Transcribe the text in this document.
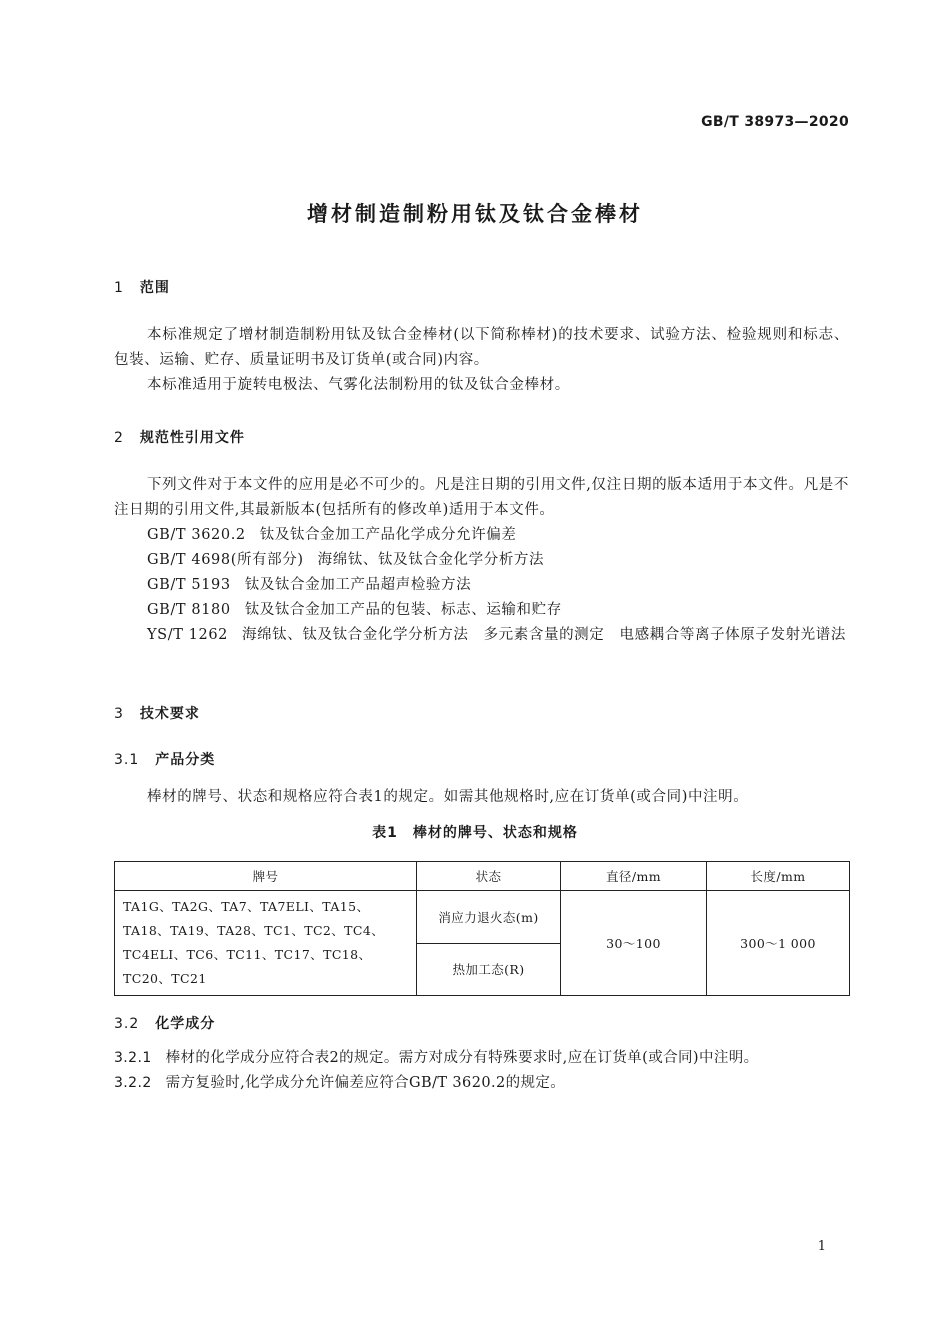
GB/T 38973—2020
增材制造制粉用钛及钛合金棒材
1 范围
本标准规定了增材制造制粉用钛及钛合金棒材(以下简称棒材)的技术要求、试验方法、检验规则和标志、包装、运输、贮存、质量证明书及订货单(或合同)内容。
本标准适用于旋转电极法、气雾化法制粉用的钛及钛合金棒材。
2 规范性引用文件
下列文件对于本文件的应用是必不可少的。凡是注日期的引用文件,仅注日期的版本适用于本文件。凡是不注日期的引用文件,其最新版本(包括所有的修改单)适用于本文件。
GB/T 3620.2 钛及钛合金加工产品化学成分允许偏差
GB/T 4698(所有部分) 海绵钛、钛及钛合金化学分析方法
GB/T 5193 钛及钛合金加工产品超声检验方法
GB/T 8180 钛及钛合金加工产品的包装、标志、运输和贮存
YS/T 1262 海绵钛、钛及钛合金化学分析方法　多元素含量的测定　电感耦合等离子体原子发射光谱法
3 技术要求
3.1 产品分类
棒材的牌号、状态和规格应符合表1的规定。如需其他规格时,应在订货单(或合同)中注明。
表1　棒材的牌号、状态和规格
牌号	状态	直径/mm	长度/mm
TA1G、TA2G、TA7、TA7ELI、TA15、TA18、TA19、TA28、TC1、TC2、TC4、TC4ELI、TC6、TC11、TC17、TC18、TC20、TC21	消应力退火态(m)	30～100	300～1 000
	热加工态(R)		
3.2 化学成分
3.2.1 棒材的化学成分应符合表2的规定。需方对成分有特殊要求时,应在订货单(或合同)中注明。
3.2.2 需方复验时,化学成分允许偏差应符合GB/T 3620.2的规定。
1
